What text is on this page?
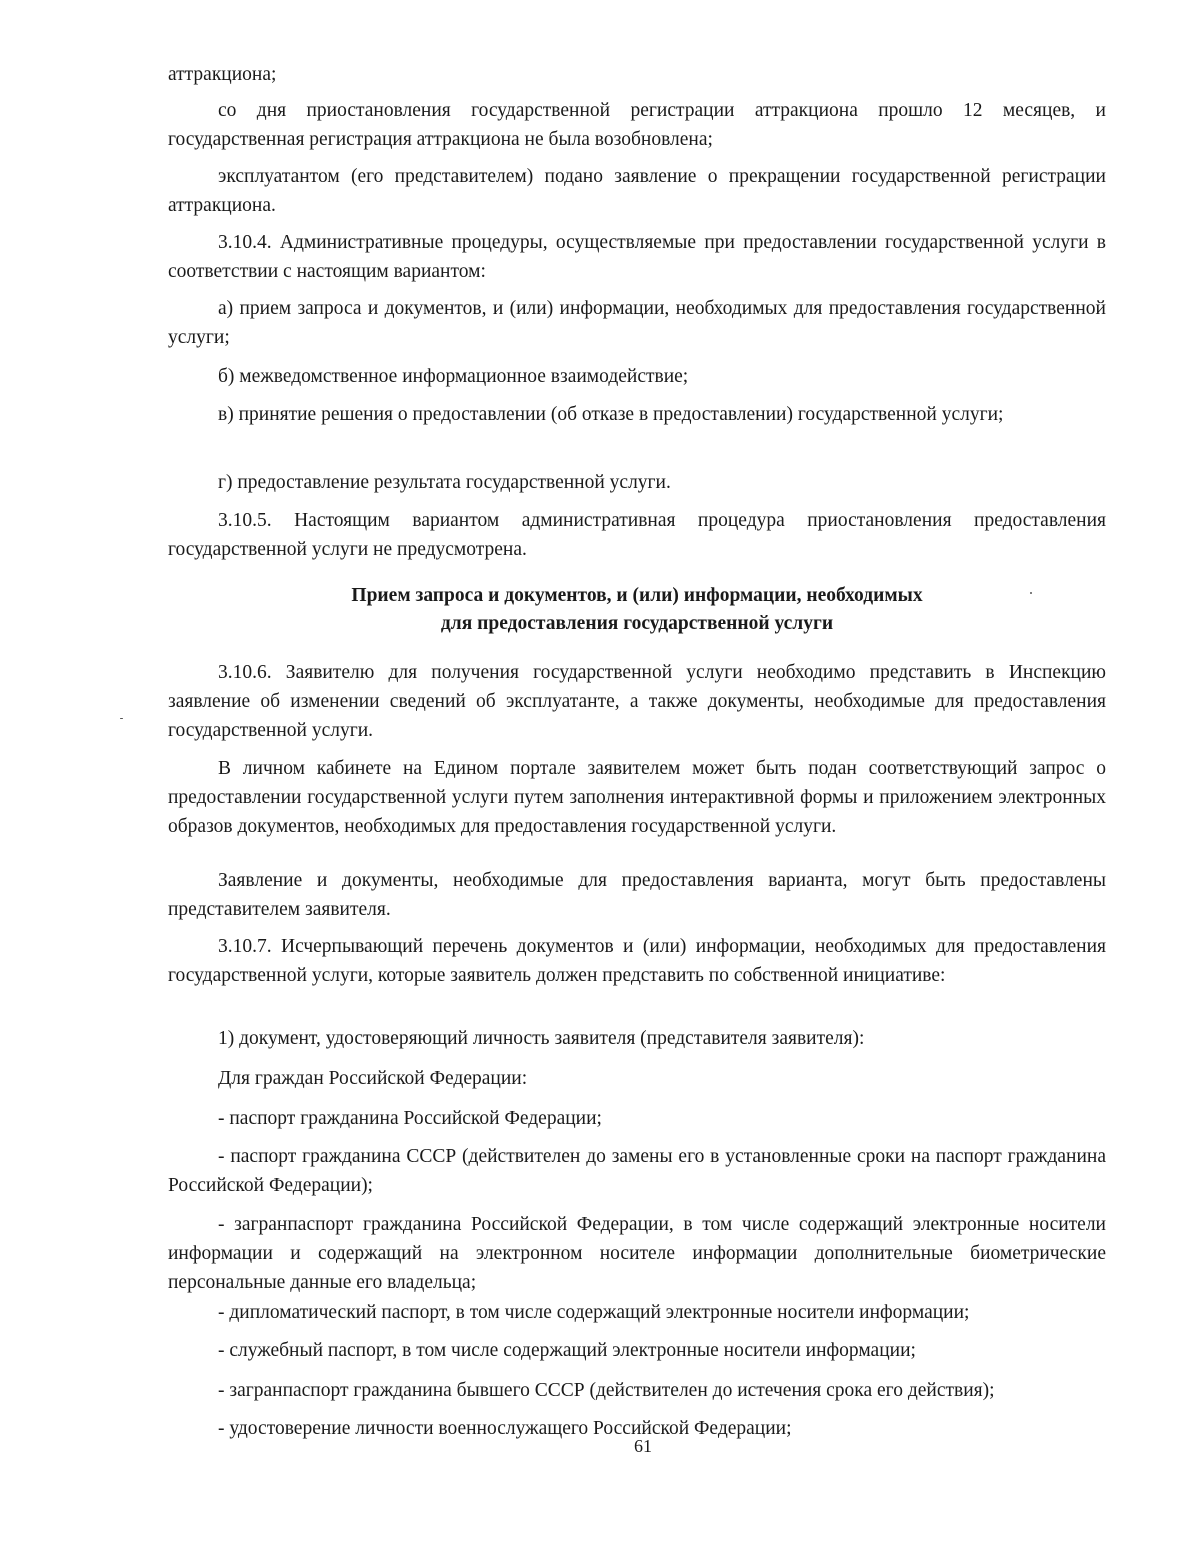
аттракциона;

со дня приостановления государственной регистрации аттракциона прошло 12 месяцев, и государственная регистрация аттракциона не была возобновлена;

эксплуатантом (его представителем) подано заявление о прекращении государственной регистрации аттракциона.

3.10.4. Административные процедуры, осуществляемые при предоставлении государственной услуги в соответствии с настоящим вариантом:

а) прием запроса и документов, и (или) информации, необходимых для предоставления государственной услуги;

б) межведомственное информационное взаимодействие;

в) принятие решения о предоставлении (об отказе в предоставлении) государственной услуги;

г) предоставление результата государственной услуги.

3.10.5. Настоящим вариантом административная процедура приостановления предоставления государственной услуги не предусмотрена.

Прием запроса и документов, и (или) информации, необходимых
для предоставления государственной услуги

3.10.6. Заявителю для получения государственной услуги необходимо представить в Инспекцию заявление об изменении сведений об эксплуатанте, а также документы, необходимые для предоставления государственной услуги.

В личном кабинете на Едином портале заявителем может быть подан соответствующий запрос о предоставлении государственной услуги путем заполнения интерактивной формы и приложением электронных образов документов, необходимых для предоставления государственной услуги.

Заявление и документы, необходимые для предоставления варианта, могут быть предоставлены представителем заявителя.

3.10.7. Исчерпывающий перечень документов и (или) информации, необходимых для предоставления государственной услуги, которые заявитель должен представить по собственной инициативе:

1) документ, удостоверяющий личность заявителя (представителя заявителя):

Для граждан Российской Федерации:

- паспорт гражданина Российской Федерации;

- паспорт гражданина СССР (действителен до замены его в установленные сроки на паспорт гражданина Российской Федерации);

- загранпаспорт гражданина Российской Федерации, в том числе содержащий электронные носители информации и содержащий на электронном носителе информации дополнительные биометрические персональные данные его владельца;

- дипломатический паспорт, в том числе содержащий электронные носители информации;

- служебный паспорт, в том числе содержащий электронные носители информации;

- загранпаспорт гражданина бывшего СССР (действителен до истечения срока его действия);

- удостоверение личности военнослужащего Российской Федерации;

61
